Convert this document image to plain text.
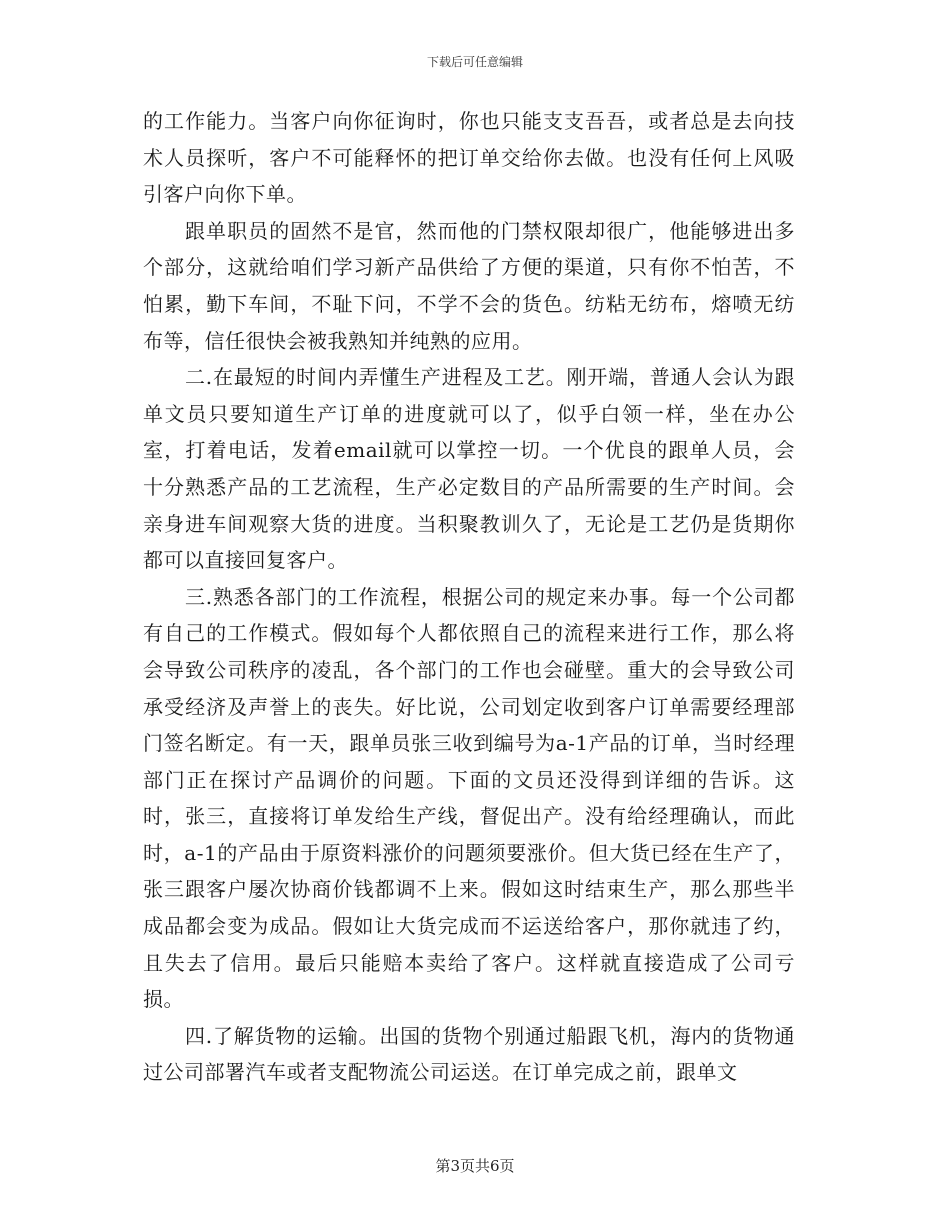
下载后可任意编辑

的工作能力。当客户向你征询时，你也只能支支吾吾，或者总是去向技术人员探听，客户不可能释怀的把订单交给你去做。也没有任何上风吸引客户向你下单。

跟单职员的固然不是官，然而他的门禁权限却很广，他能够进出多个部分，这就给咱们学习新产品供给了方便的渠道，只有你不怕苦，不怕累，勤下车间，不耻下问，不学不会的货色。纺粘无纺布，熔喷无纺布等，信任很快会被我熟知并纯熟的应用。

二.在最短的时间内弄懂生产进程及工艺。刚开端，普通人会认为跟单文员只要知道生产订单的进度就可以了，似乎白领一样，坐在办公室，打着电话，发着email就可以掌控一切。一个优良的跟单人员，会十分熟悉产品的工艺流程，生产必定数目的产品所需要的生产时间。会亲身进车间观察大货的进度。当积聚教训久了，无论是工艺仍是货期你都可以直接回复客户。

三.熟悉各部门的工作流程，根据公司的规定来办事。每一个公司都有自己的工作模式。假如每个人都依照自己的流程来进行工作，那么将会导致公司秩序的凌乱，各个部门的工作也会碰壁。重大的会导致公司承受经济及声誉上的丧失。好比说，公司划定收到客户订单需要经理部门签名断定。有一天，跟单员张三收到编号为a-1产品的订单，当时经理部门正在探讨产品调价的问题。下面的文员还没得到详细的告诉。这时，张三，直接将订单发给生产线，督促出产。没有给经理确认，而此时，a-1的产品由于原资料涨价的问题须要涨价。但大货已经在生产了，张三跟客户屡次协商价钱都调不上来。假如这时结束生产，那么那些半成品都会变为成品。假如让大货完成而不运送给客户，那你就违了约，且失去了信用。最后只能赔本卖给了客户。这样就直接造成了公司亏损。

四.了解货物的运输。出国的货物个别通过船跟飞机，海内的货物通过公司部署汽车或者支配物流公司运送。在订单完成之前，跟单文

第3页共6页
